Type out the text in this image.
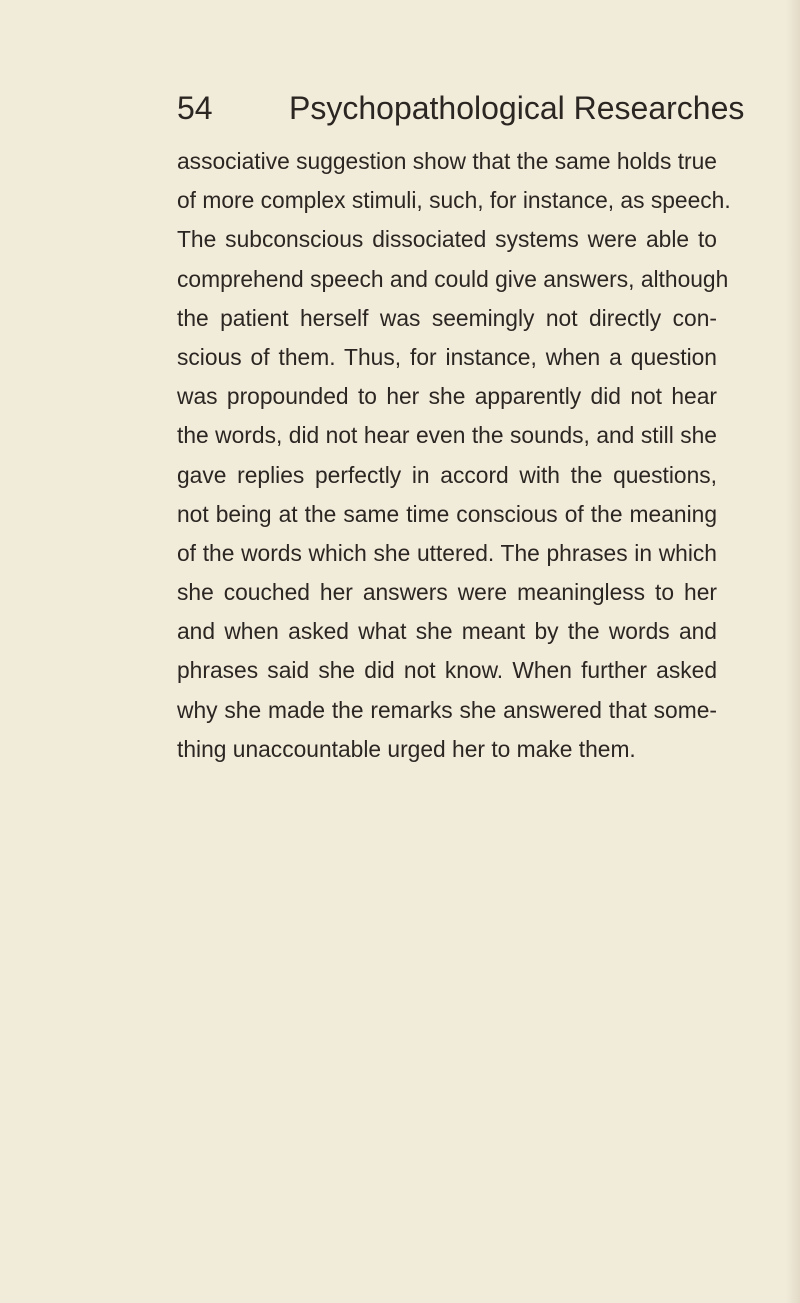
54 Psychopathological Researches
associative suggestion show that the same holds true
of more complex stimuli, such, for instance, as speech.
The subconscious dissociated systems were able to
comprehend speech and could give answers, although
the patient herself was seemingly not directly con-
scious of them. Thus, for instance, when a question
was propounded to her she apparently did not hear
the words, did not hear even the sounds, and still she
gave replies perfectly in accord with the questions,
not being at the same time conscious of the meaning
of the words which she uttered. The phrases in which
she couched her answers were meaningless to her
and when asked what she meant by the words and
phrases said she did not know. When further asked
why she made the remarks she answered that some-
thing unaccountable urged her to make them.
